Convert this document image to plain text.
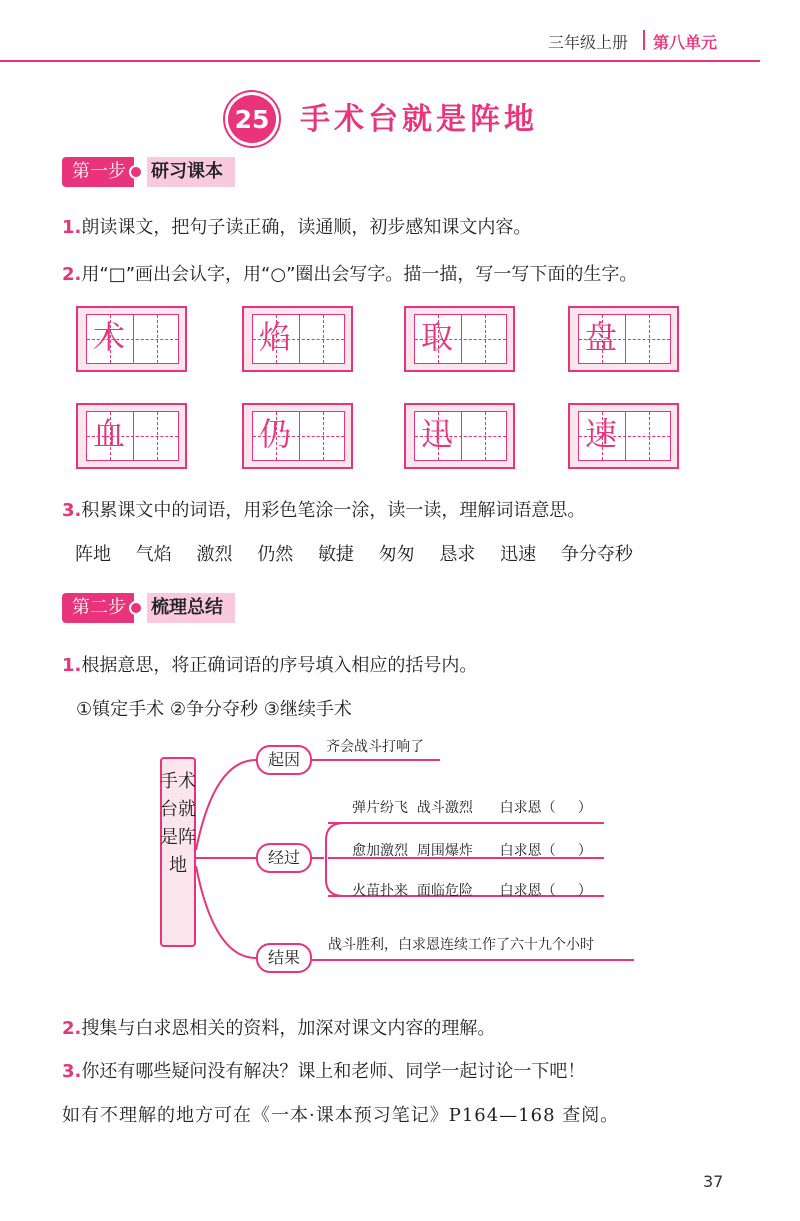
三年级上册 第八单元
25 手术台就是阵地
第一步	研习课本
1.朗读课文，把句子读正确，读通顺，初步感知课文内容。
2.用“□”画出会认字，用“○”圈出会写字。描一描，写一写下面的生字。
术	焰	取	盘
血	仍	迅	速
3.积累课文中的词语，用彩色笔涂一涂，读一读，理解词语意思。
阵地 气焰 激烈 仍然 敏捷 匆匆 恳求 迅速 争分夺秒
第二步	梳理总结
1.根据意思，将正确词语的序号填入相应的括号内。
①镇定手术 ②争分夺秒 ③继续手术
手术台就是阵地
起因
经过
结果
齐会战斗打响了
弹片纷飞  战斗激烈      白求恩（     ）
愈加激烈  周围爆炸      白求恩（     ）
火苗扑来  面临危险      白求恩（     ）
战斗胜利，白求恩连续工作了六十九个小时
2.搜集与白求恩相关的资料，加深对课文内容的理解。
3.你还有哪些疑问没有解决？课上和老师、同学一起讨论一下吧！
如有不理解的地方可在《一本·课本预习笔记》P164—168 查阅。
37
